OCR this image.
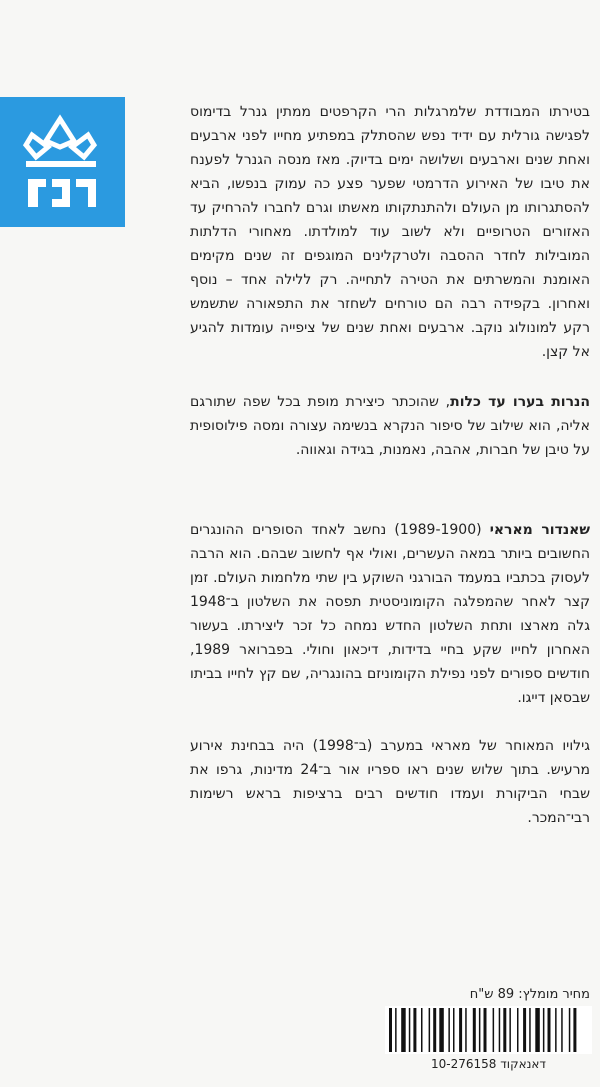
בטירתו המבודדת שלמרגלות הרי הקרפטים ממתין גנרל בדימוס לפגישה גורלית עם ידיד נפש שהסתלק במפתיע מחייו לפני ארבעים ואחת שנים וארבעים ושלושה ימים בדיוק. מאז מנסה הגנרל לפענח את טיבו של האירוע הדרמטי שפער פצע כה עמוק בנפשו, הביא להסתגרותו מן העולם ולהתנתקותו מאשתו וגרם לחברו להרחיק עד האזורים הטרופיים ולא לשוב עוד למולדתו. מאחורי הדלתות המובילות לחדר ההסבה ולטרקלינים המוגפים זה שנים מקימים האומנת והמשרתים את הטירה לתחייה. רק ללילה אחד – נוסף ואחרון. בקפידה רבה הם טורחים לשחזר את התפאורה שתשמש רקע למונולוג נוקב. ארבעים ואחת שנים של ציפייה עומדות להגיע אל קצן.

הנרות בערו עד כלות, שהוכתר כיצירת מופת בכל שפה שתורגם אליה, הוא שילוב של סיפור הנקרא בנשימה עצורה ומסה פילוסופית על טיבן של חברות, אהבה, נאמנות, בגידה וגאווה.

שאנדור מאראי (1989-1900) נחשב לאחד הסופרים ההונגרים החשובים ביותר במאה העשרים, ואולי אף לחשוב שבהם. הוא הרבה לעסוק בכתביו במעמד הבורגני השוקע בין שתי מלחמות העולם. זמן קצר לאחר שהמפלגה הקומוניסטית תפסה את השלטון ב־1948 גלה מארצו ותחת השלטון החדש נמחה כל זכר ליצירתו. בעשור האחרון לחייו שקע בחיי בדידות, דיכאון וחולי. בפברואר 1989, חודשים ספורים לפני נפילת הקומוניזם בהונגריה, שם קץ לחייו בביתו שבסאן דייגו.

גילויו המאוחר של מאראי במערב (ב־1998) היה בבחינת אירוע מרעיש. בתוך שלוש שנים ראו ספריו אור ב־24 מדינות, גרפו את שבחי הביקורת ועמדו חודשים רבים ברציפות בראש רשימות רבי־המכר.

מחיר מומלץ: 89 ש"ח
דאנאקוד 10-276158
